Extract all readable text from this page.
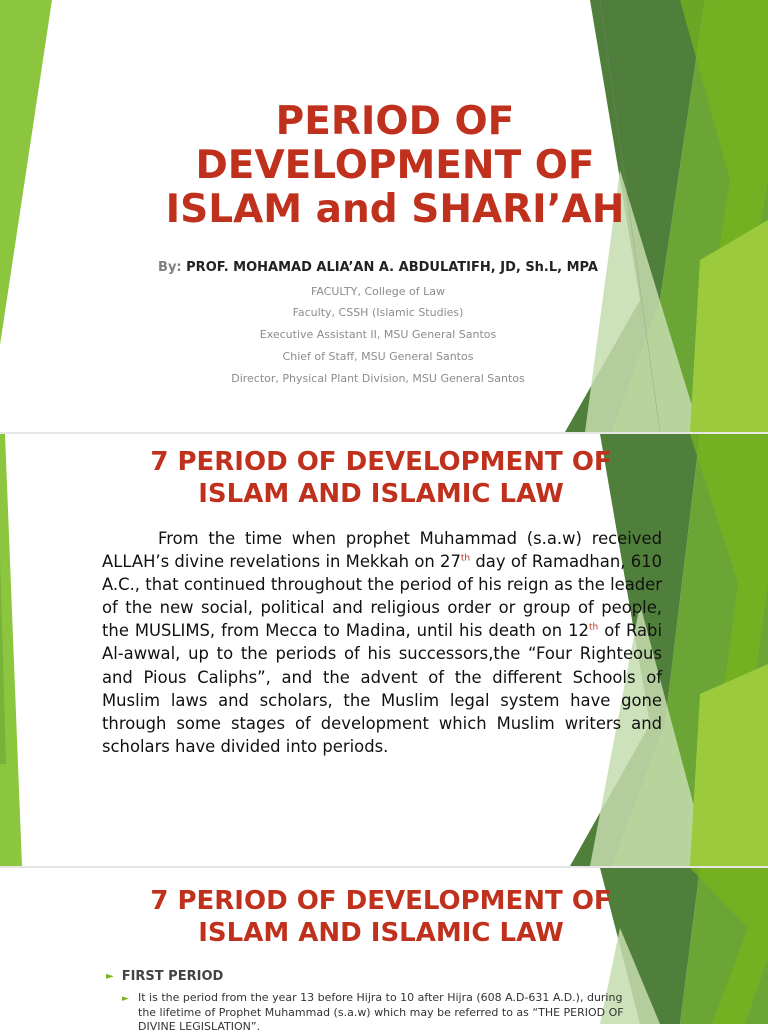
PERIOD OF
DEVELOPMENT OF
ISLAM and SHARI’AH

By: PROF. MOHAMAD ALIA’AN A. ABDULATIFH, JD, Sh.L, MPA

FACULTY, College of Law

Faculty, CSSH (Islamic Studies)

Executive Assistant II, MSU General Santos

Chief of Staff, MSU General Santos

Director, Physical Plant Division, MSU General Santos

7 PERIOD OF DEVELOPMENT OF
ISLAM AND ISLAMIC LAW

From the time when prophet Muhammad (s.a.w) received ALLAH’s divine revelations in Mekkah on 27th day of Ramadhan, 610 A.C., that continued throughout the period of his reign as the leader of the new social, political and religious order or group of people, the MUSLIMS, from Mecca to Madina, until his death on 12th of Rabi Al-awwal, up to the periods of his successors,the “Four Righteous and Pious Caliphs”, and the advent of the different Schools of Muslim laws and scholars, the Muslim legal system have gone through some stages of development which Muslim writers and scholars have divided into periods.

7 PERIOD OF DEVELOPMENT OF
ISLAM AND ISLAMIC LAW

► FIRST PERIOD

► It is the period from the year 13 before Hijra to 10 after Hijra (608 A.D-631 A.D.), during the lifetime of Prophet Muhammad (s.a.w) which may be referred to as “THE PERIOD OF DIVINE LEGISLATION”.
